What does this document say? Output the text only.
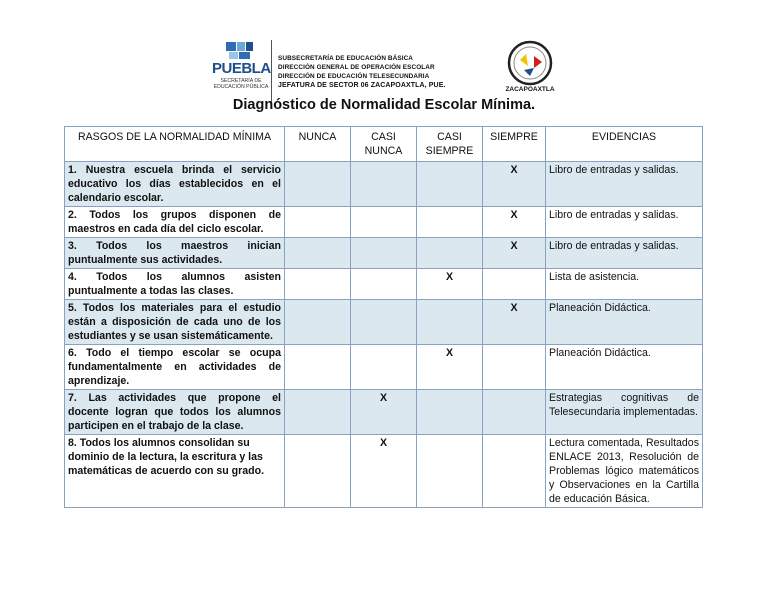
PUEBLA
SECRETARÍA DE
EDUCACIÓN PÚBLICA
SUBSECRETARÍA DE EDUCACIÓN BÁSICA
DIRECCIÓN GENERAL DE OPERACIÓN ESCOLAR
DIRECCIÓN DE EDUCACIÓN TELESECUNDARIA
JEFATURA DE SECTOR 06 ZACAPOAXTLA, PUE.
ZACAPOAXTLA
Diagnóstico de Normalidad Escolar Mínima.
RASGOS DE LA NORMALIDAD MÍNIMA	NUNCA	CASI NUNCA	CASI SIEMPRE	SIEMPRE	EVIDENCIAS
1. Nuestra escuela brinda el servicio educativo los días establecidos en el calendario escolar.				X	Libro de entradas y salidas.
2. Todos los grupos disponen de maestros en cada día del ciclo escolar.				X	Libro de entradas y salidas.
3. Todos los maestros inician puntualmente sus actividades.				X	Libro de entradas y salidas.
4. Todos los alumnos asisten puntualmente a todas las clases.			X		Lista de asistencia.
5. Todos los materiales para el estudio están a disposición de cada uno de los estudiantes y se usan sistemáticamente.				X	Planeación Didáctica.
6. Todo el tiempo escolar se ocupa fundamentalmente en actividades de aprendizaje.			X		Planeación Didáctica.
7. Las actividades que propone el docente logran que todos los alumnos participen en el trabajo de la clase.		X			Estrategias cognitivas de Telesecundaria implementadas.
8. Todos los alumnos consolidan su dominio de la lectura, la escritura y las matemáticas de acuerdo con su grado.		X			Lectura comentada, Resultados ENLACE 2013, Resolución de Problemas lógico matemáticos y Observaciones en la Cartilla de educación Básica.
